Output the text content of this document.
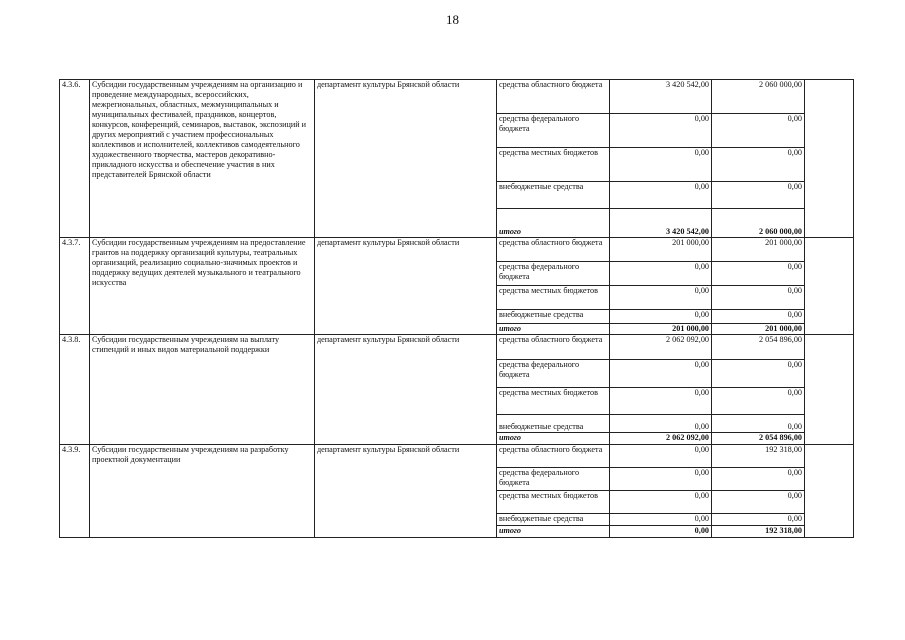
18
4.3.6.	Субсидии государственным учреждениям на организацию и проведение международных, всероссийских, межрегиональных, областных, межмуниципальных и муниципальных фестивалей, праздников, концертов, конкурсов, конференций, семинаров, выставок, экспозиций и других мероприятий с участием профессиональных коллективов и исполнителей, коллективов самодеятельного художественного творчества, мастеров декоративно-прикладного искусства и обеспечение участия в них представителей Брянской области	департамент культуры Брянской области	средства областного бюджета	3 420 542,00	2 060 000,00	
			средства федерального бюджета	0,00	0,00	
			средства местных бюджетов	0,00	0,00	
			внебюджетные средства	0,00	0,00	
			итого	3 420 542,00	2 060 000,00	
4.3.7.	Субсидии государственным учреждениям на предоставление грантов на поддержку организаций культуры, театральных организаций, реализацию социально-значимых проектов и поддержку ведущих деятелей музыкального и театрального искусства	департамент культуры Брянской области	средства областного бюджета	201 000,00	201 000,00	
			средства федерального бюджета	0,00	0,00	
			средства местных бюджетов	0,00	0,00	
			внебюджетные средства	0,00	0,00	
			итого	201 000,00	201 000,00	
4.3.8.	Субсидии государственным учреждениям на выплату стипендий и иных видов материальной поддержки	департамент культуры Брянской области	средства областного бюджета	2 062 092,00	2 054 896,00	
			средства федерального бюджета	0,00	0,00	
			средства местных бюджетов	0,00	0,00	
			внебюджетные средства	0,00	0,00	
			итого	2 062 092,00	2 054 896,00	
4.3.9.	Субсидии государственным учреждениям на разработку проектной документации	департамент культуры Брянской области	средства областного бюджета	0,00	192 318,00	
			средства федерального бюджета	0,00	0,00	
			средства местных бюджетов	0,00	0,00	
			внебюджетные средства	0,00	0,00	
			итого	0,00	192 318,00	
